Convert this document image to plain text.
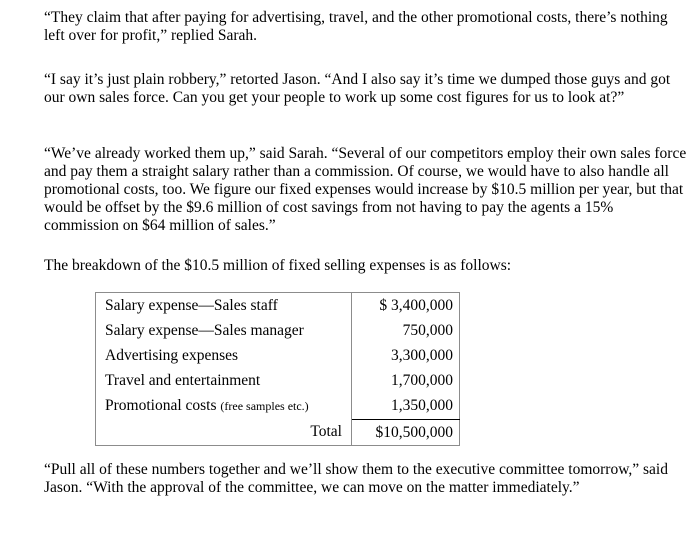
“They claim that after paying for advertising, travel, and the other promotional costs, there’s nothing left over for profit,” replied Sarah.

“I say it’s just plain robbery,” retorted Jason. “And I also say it’s time we dumped those guys and got our own sales force. Can you get your people to work up some cost figures for us to look at?”

“We’ve already worked them up,” said Sarah. “Several of our competitors employ their own sales force and pay them a straight salary rather than a commission. Of course, we would have to also handle all promotional costs, too. We figure our fixed expenses would increase by $10.5 million per year, but that would be offset by the $9.6 million of cost savings from not having to pay the agents a 15% commission on $64 million of sales.”

The breakdown of the $10.5 million of fixed selling expenses is as follows:

Salary expense—Sales staff	$ 3,400,000
Salary expense—Sales manager	750,000
Advertising expenses	3,300,000
Travel and entertainment	1,700,000
Promotional costs (free samples etc.)	1,350,000
Total	$10,500,000

“Pull all of these numbers together and we’ll show them to the executive committee tomorrow,” said Jason. “With the approval of the committee, we can move on the matter immediately.”
